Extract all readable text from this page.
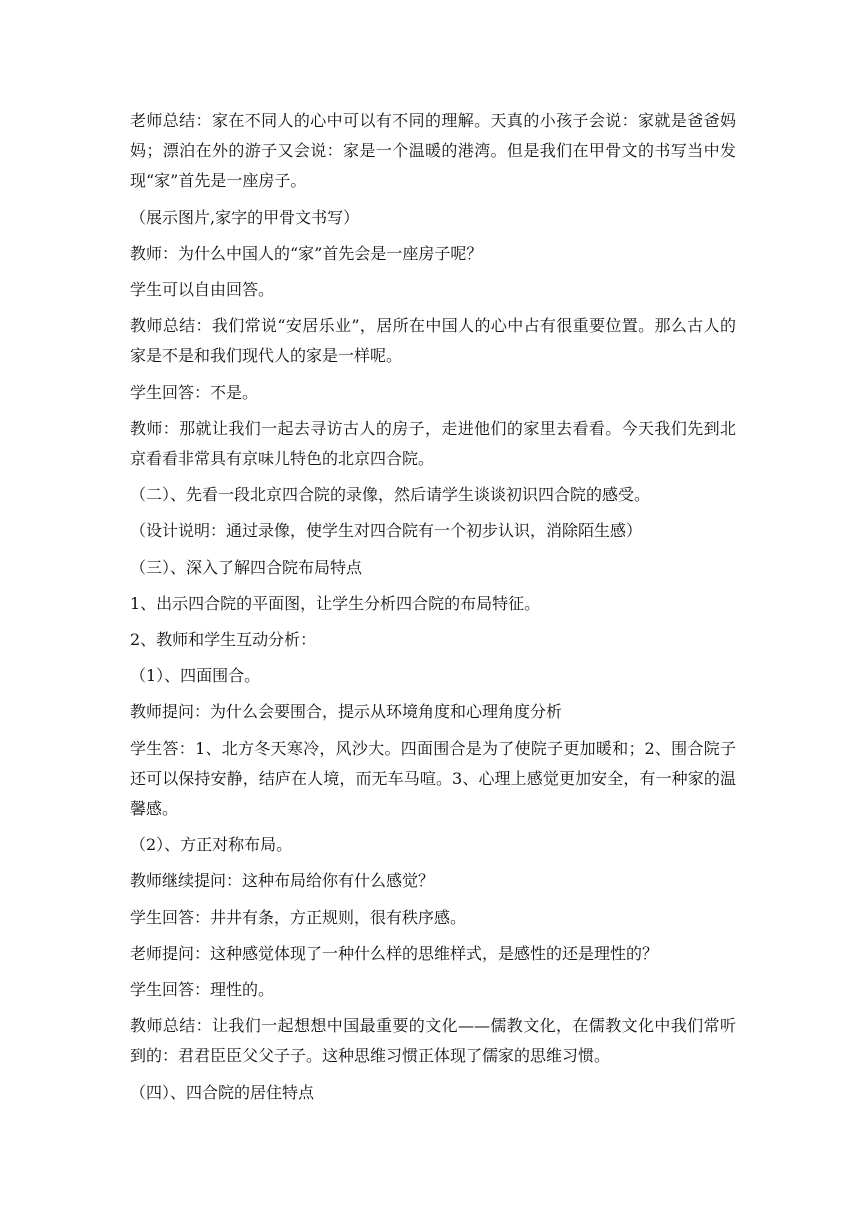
老师总结：家在不同人的心中可以有不同的理解。天真的小孩子会说：家就是爸爸妈妈；漂泊在外的游子又会说：家是一个温暖的港湾。但是我们在甲骨文的书写当中发现“家”首先是一座房子。

（展示图片,家字的甲骨文书写）

教师：为什么中国人的“家”首先会是一座房子呢？

学生可以自由回答。

教师总结：我们常说“安居乐业”，居所在中国人的心中占有很重要位置。那么古人的家是不是和我们现代人的家是一样呢。

学生回答：不是。

教师：那就让我们一起去寻访古人的房子，走进他们的家里去看看。今天我们先到北京看看非常具有京味儿特色的北京四合院。

（二）、先看一段北京四合院的录像，然后请学生谈谈初识四合院的感受。

（设计说明：通过录像，使学生对四合院有一个初步认识，消除陌生感）

（三）、深入了解四合院布局特点

1、出示四合院的平面图，让学生分析四合院的布局特征。

2、教师和学生互动分析：

（1）、四面围合。

教师提问：为什么会要围合，提示从环境角度和心理角度分析

学生答：1、北方冬天寒冷，风沙大。四面围合是为了使院子更加暖和；2、围合院子还可以保持安静，结庐在人境，而无车马喧。3、心理上感觉更加安全，有一种家的温馨感。

（2）、方正对称布局。

教师继续提问：这种布局给你有什么感觉？

学生回答：井井有条，方正规则，很有秩序感。

老师提问：这种感觉体现了一种什么样的思维样式，是感性的还是理性的？

学生回答：理性的。

教师总结：让我们一起想想中国最重要的文化——儒教文化，在儒教文化中我们常听到的：君君臣臣父父子子。这种思维习惯正体现了儒家的思维习惯。

（四）、四合院的居住特点
